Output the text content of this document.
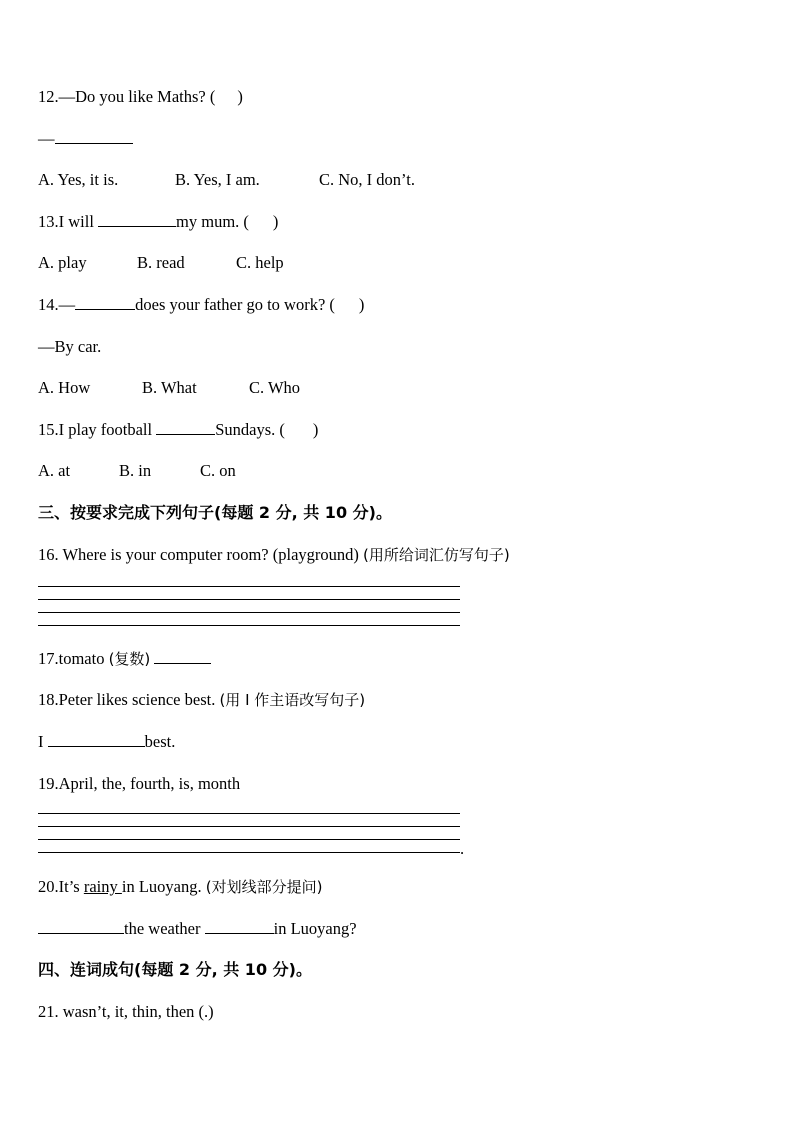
12.—Do you like Maths? ( )
—
A. Yes, it is.	B. Yes, I am.	C. No, I don’t.
13.I will	my mum. ( )
A. play	B. read	C. help
14.—	does your father go to work? ( )
—By car.
A. How	B. What	C. Who
15.I play football	Sundays. ( )
A. at	B. in	C. on
三、按要求完成下列句子(每题 2 分, 共 10 分)。
16. Where is your computer room? (playground) (用所给词汇仿写句子)
17.tomato (复数)
18.Peter likes science best. (用 I 作主语改写句子)
I	best.
19.April, the, fourth, is, month
.
20.It’s rainy in Luoyang. (对划线部分提问)
the weather	in Luoyang?
四、连词成句(每题 2 分, 共 10 分)。
21. wasn’t, it, thin, then (.)
